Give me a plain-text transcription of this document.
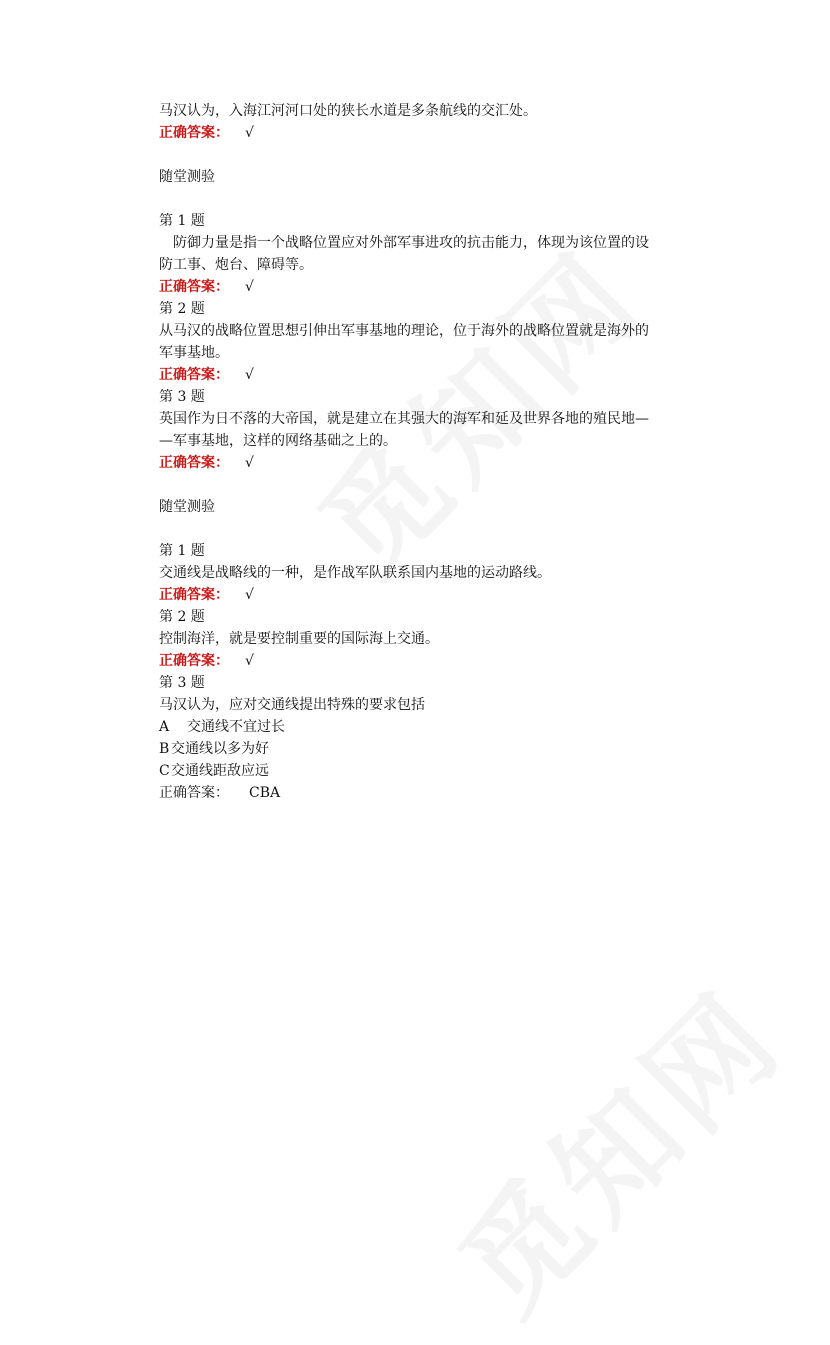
马汉认为，入海江河河口处的狭长水道是多条航线的交汇处。

正确答案： √

随堂测验

第 1 题

防御力量是指一个战略位置应对外部军事进攻的抗击能力，体现为该位置的设

防工事、炮台、障碍等。

正确答案： √

第 2 题

从马汉的战略位置思想引伸出军事基地的理论，位于海外的战略位置就是海外的

军事基地。

正确答案： √

第 3 题

英国作为日不落的大帝国，就是建立在其强大的海军和延及世界各地的殖民地—

—军事基地，这样的网络基础之上的。

正确答案： √

随堂测验

第 1 题

交通线是战略线的一种，是作战军队联系国内基地的运动路线。

正确答案： √

第 2 题

控制海洋，就是要控制重要的国际海上交通。

正确答案： √

第 3 题

马汉认为，应对交通线提出特殊的要求包括

A 交通线不宜过长

B 交通线以多为好

C交通线距敌应远

正确答案： CBA
